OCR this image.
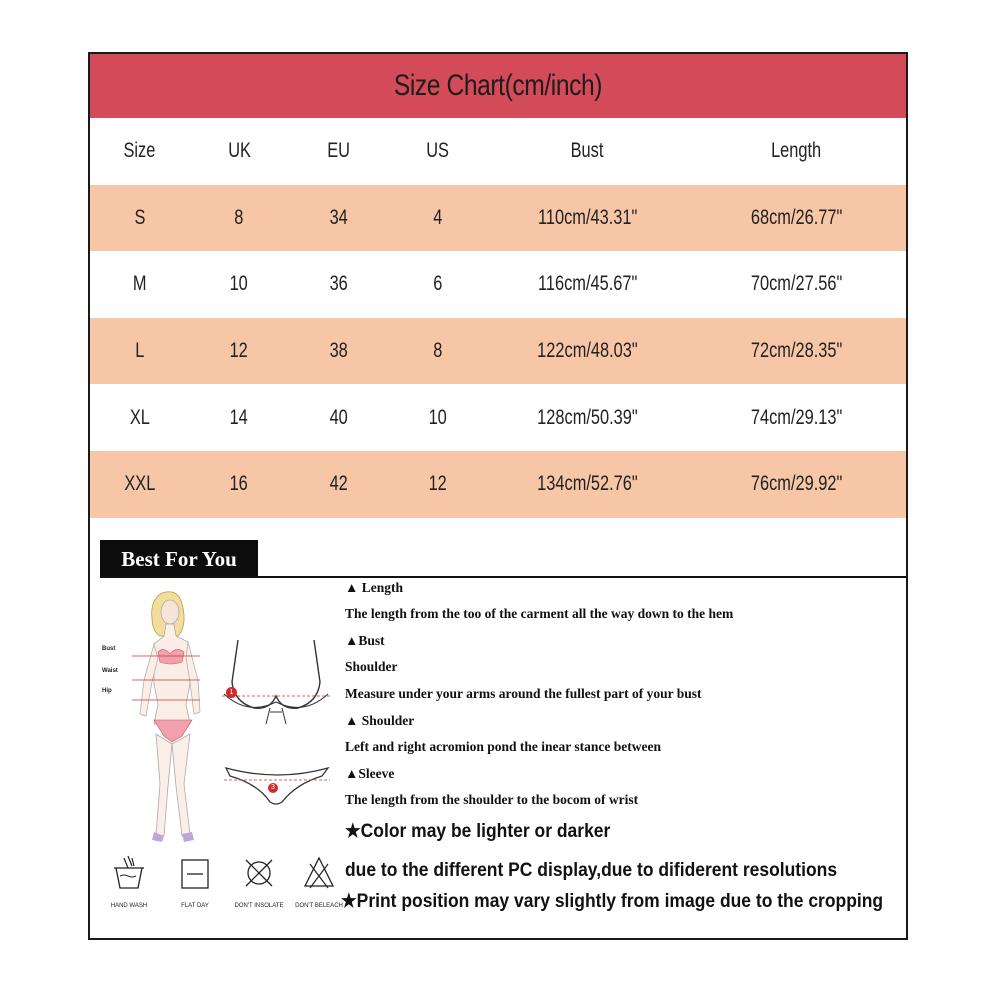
Size Chart(cm/inch)
Size	UK	EU	US	Bust	Length
S	8	34	4	110cm/43.31"	68cm/26.77"
M	10	36	6	116cm/45.67"	70cm/27.56"
L	12	38	8	122cm/48.03"	72cm/28.35"
XL	14	40	10	128cm/50.39"	74cm/29.13"
XXL	16	42	12	134cm/52.76"	76cm/29.92"
Best For You
Bust
Waist
Hip	1
3
▲ Length
The length from the too of the carment all the way down to the hem
▲Bust
Shoulder
Measure under your arms around the fullest part of your bust
▲ Shoulder
Left and right acromion pond the inear stance between
▲Sleeve
The length from the shoulder to the bocom of wrist
★Color may be lighter or darker
due to the different PC display,due to difiderent resolutions
★Print position may vary slightly from image due to the cropping
HAND WASH	FLAT DAY	DON'T INSOLATE	DON'T BELEACH
